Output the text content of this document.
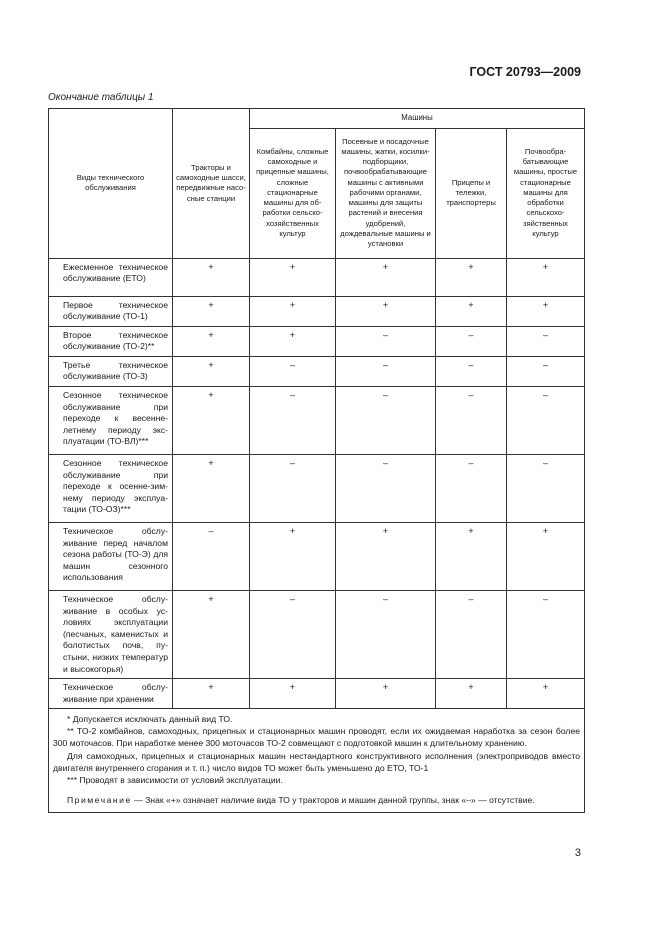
ГОСТ 20793—2009
Окончание таблицы 1
Виды технического обслуживания	Тракторы и самоходные шасси, передвижные насосные станции	Машины			
		Комбайны, сложные самоходные и прицепные машины, сложные стационарные машины для обработки сельскохозяйственных культур	Посевные и посадочные машины, жатки, косилки-подборщики, почвообрабатывающие машины с активными рабочими органами, машины для защиты растений и внесения удобрений, дождевальные машины и установки	Прицепы и тележки, транспортеры	Почвообрабатывающие машины, простые стационарные машины для обработки сельскохозяйственных культур
Ежесменное техническое обслуживание (ЕТО)	+	+	+	+	+
Первое техническое обслуживание (ТО-1)	+	+	+	+	+
Второе техническое обслуживание (ТО-2)**	+	+	–	–	–
Третье техническое обслуживание (ТО-3)	+	–	–	–	–
Сезонное техническое обслуживание при переходе к весеннелетнему периоду эксплуатации (ТО-ВЛ)***	+	–	–	–	–
Сезонное техническое обслуживание при переходе к осенне-зимнему периоду эксплуатации (ТО-ОЗ)***	+	–	–	–	–
Техническое обслуживание перед началом сезона работы (ТО-Э) для машин сезонного использования	–	+	+	+	+
Техническое обслуживание в особых условиях эксплуатации (песчаных, каменистых и болотистых почв, пустыни, низких температур и высокогорья)	+	–	–	–	–
Техническое обслуживание при хранении	+	+	+	+	+

* Допускается исключать данный вид ТО.

** ТО-2 комбайнов, самоходных, прицепных и стационарных машин проводят, если их ожидаемая наработка за сезон более 300 моточасов. При наработке менее 300 моточасов ТО-2 совмещают с подготовкой машин к длительному хранению.

Для самоходных, прицепных и стационарных машин нестандартного конструктивного исполнения (электроприводов вместо двигателя внутреннего сгорания и т. п.) число видов ТО может быть уменьшено до ЕТО, ТО-1

*** Проводят в зависимости от условий эксплуатации.

Примечание — Знак «+» означает наличие вида ТО у тракторов и машин данной группы, знак «–» — отсутствие.					

3
